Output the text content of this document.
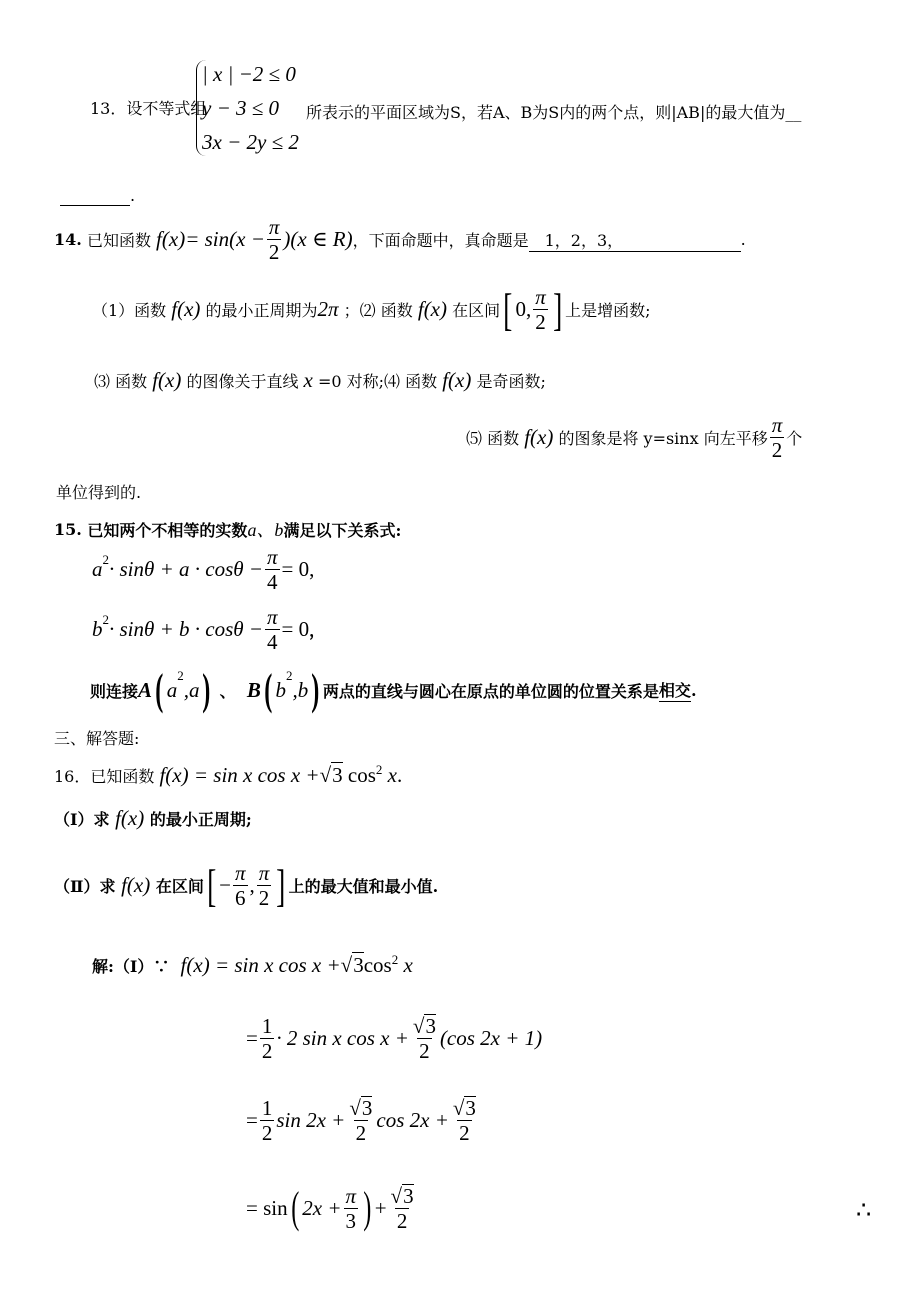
13．设不等式组
| x | −2 ≤ 0
y − 3 ≤ 0
3x − 2y ≤ 2
所表示的平面区域为S，若A、B为S内的两个点，则|AB|的最大值为__
.
14.
已知函数
$f(x) = \sin(x - \frac{\pi}{2} )(x$ ∈ R) ，下面命题中，真命题是 　1，2，3，	.
（1）函数
f(x)
的最小正周期为 2π
；⑵ 函数
f(x)
在区间 [ 0, $\frac{\pi}{2}$ ] 上是增函数;
⑶ 函数
f(x)
的图像关于直线
x
=0 对称;⑷ 函数
f(x)
是奇函数;
⑸ 函数
f(x)
的图象是将 y=sinx 向左平移 $\frac{\pi}{2}$ 个
单位得到的.
15.
已知两个不相等的实数 a、b 满足以下关系式:
$a^2 \cdot \sin\theta + a \cdot \cos\theta - \frac{\pi}{4} = 0$,
$b^2 \cdot \sin\theta + b \cdot \cos\theta - \frac{\pi}{4} = 0$ ，
则连接 A ( a
$^2$
,a )
、
B ( b
$^2$
,b ) 两点的直线与圆心在原点的单位圆的位置关系是 相交 .
三、解答题:
16．已知函数
f(x) = sin x cos x + √ 3
$\cos^2$
x .
（Ⅰ）求
f(x)
的最小正周期;
（Ⅱ）求
f(x)
在区间 [ − $\frac{\pi}{6}$ , $\frac{\pi}{2}$ ] 上的最大值和最小值.
解:（Ⅰ）∵
f(x) = sin x cos x + √ 3 $\cos^2$
x
= $\frac{1}{2} \cdot 2$ sin x $\cos x + \frac{√3}{2} (\cos$ 2x + 1)
= $\frac{1}{2}$ $\sin 2x + \frac{√3}{2}$ $\cos 2x + \frac{√3}{2}$
= sin ( $2x + \frac{\pi}{3}$ ) + $\frac{√3}{2}$	∴
